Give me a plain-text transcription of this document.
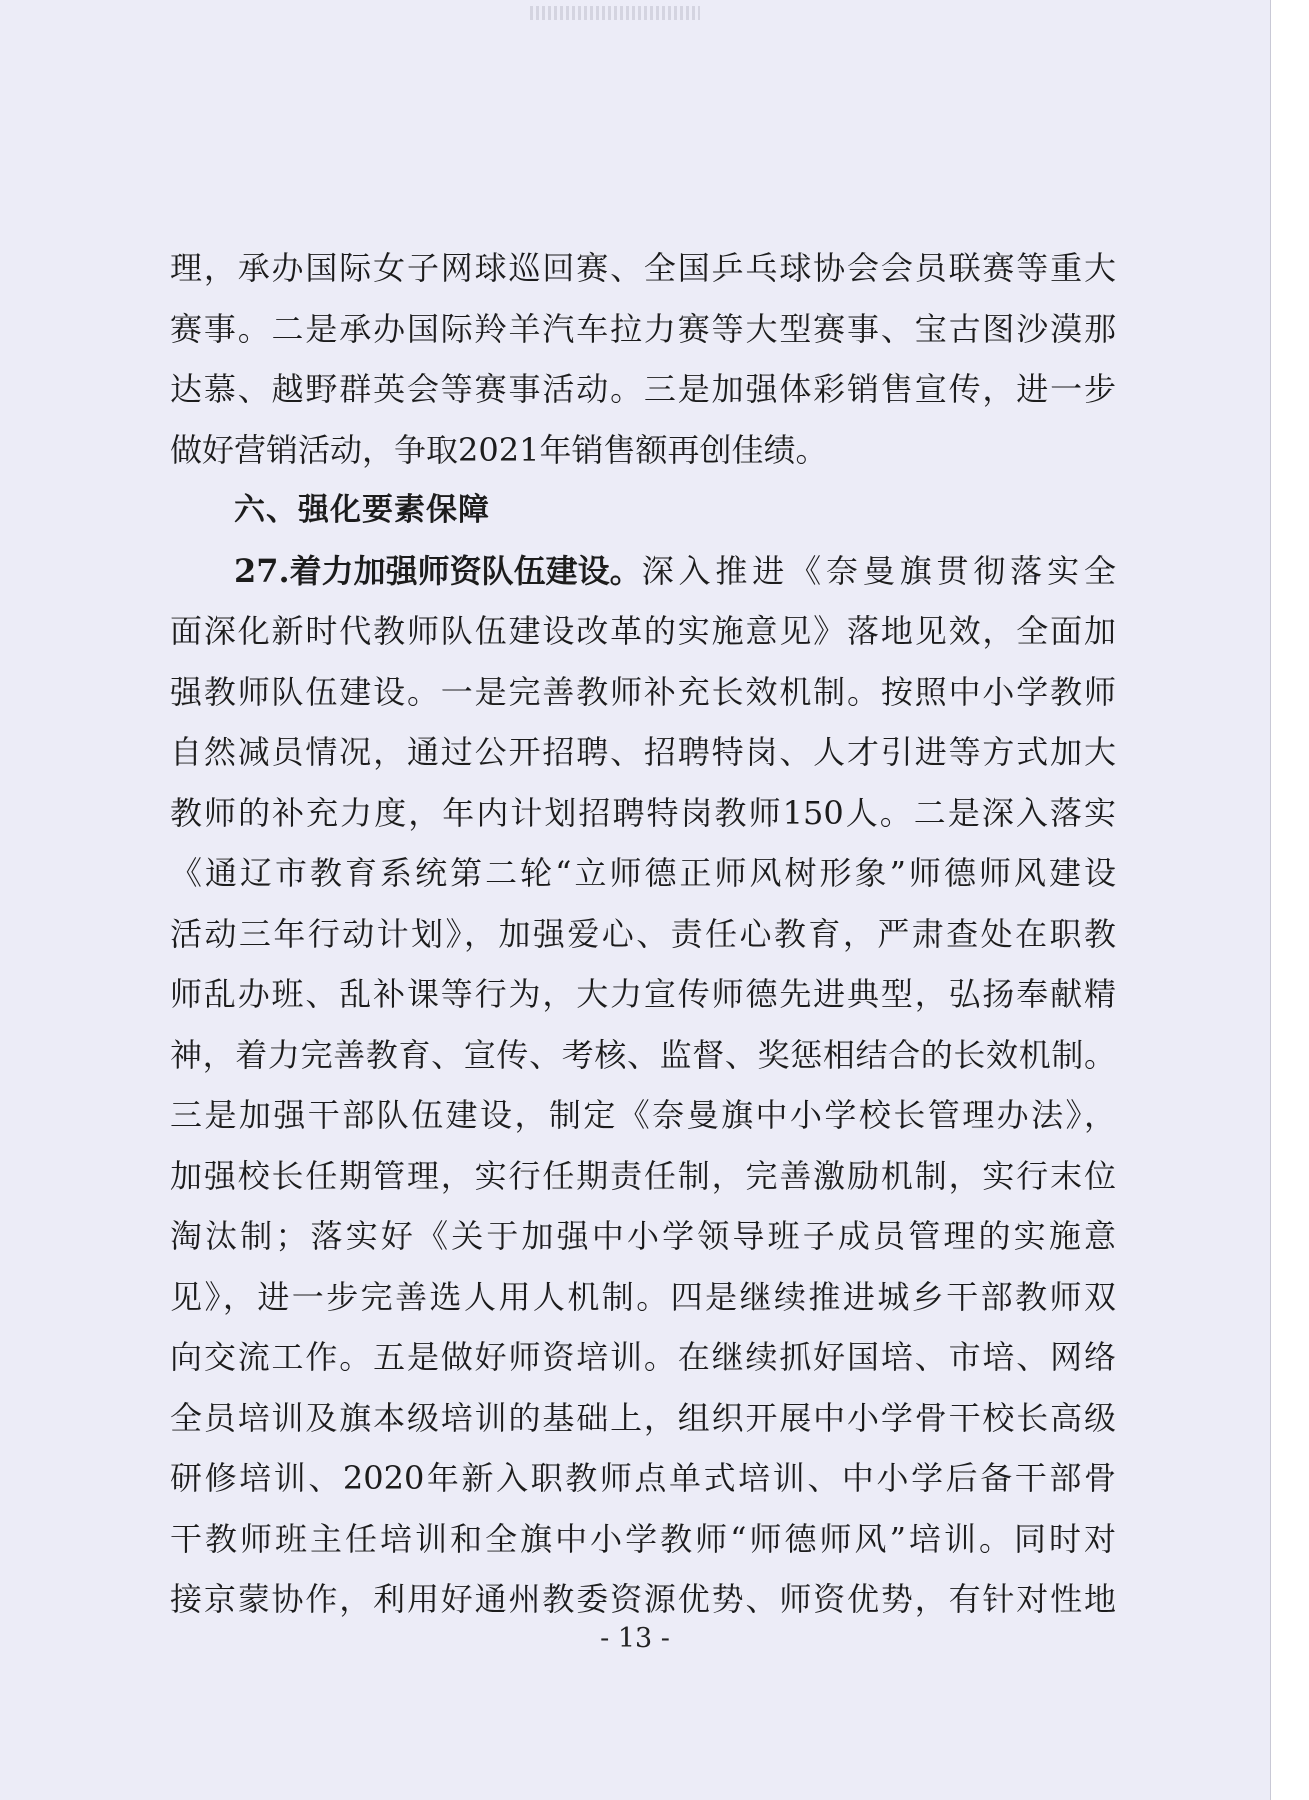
理，承办国际女子网球巡回赛、全国乒乓球协会会员联赛等重大
赛事。二是承办国际羚羊汽车拉力赛等大型赛事、宝古图沙漠那
达慕、越野群英会等赛事活动。三是加强体彩销售宣传，进一步
做好营销活动，争取2021年销售额再创佳绩。
六、强化要素保障
27.着力加强师资队伍建设。 深入推进《奈曼旗贯彻落实全
面深化新时代教师队伍建设改革的实施意见》落地见效，全面加
强教师队伍建设。一是完善教师补充长效机制。按照中小学教师
自然减员情况，通过公开招聘、招聘特岗、人才引进等方式加大
教师的补充力度，年内计划招聘特岗教师150人。二是深入落实
《通辽市教育系统第二轮“立师德正师风树形象”师德师风建设
活动三年行动计划》，加强爱心、责任心教育，严肃查处在职教
师乱办班、乱补课等行为，大力宣传师德先进典型，弘扬奉献精
神，着力完善教育、宣传、考核、监督、奖惩相结合的长效机制。
三是加强干部队伍建设，制定《奈曼旗中小学校长管理办法》，
加强校长任期管理，实行任期责任制，完善激励机制，实行末位
淘汰制；落实好《关于加强中小学领导班子成员管理的实施意
见》，进一步完善选人用人机制。四是继续推进城乡干部教师双
向交流工作。五是做好师资培训。在继续抓好国培、市培、网络
全员培训及旗本级培训的基础上，组织开展中小学骨干校长高级
研修培训、2020年新入职教师点单式培训、中小学后备干部骨
干教师班主任培训和全旗中小学教师“师德师风”培训。同时对
接京蒙协作，利用好通州教委资源优势、师资优势，有针对性地
- 13 -
